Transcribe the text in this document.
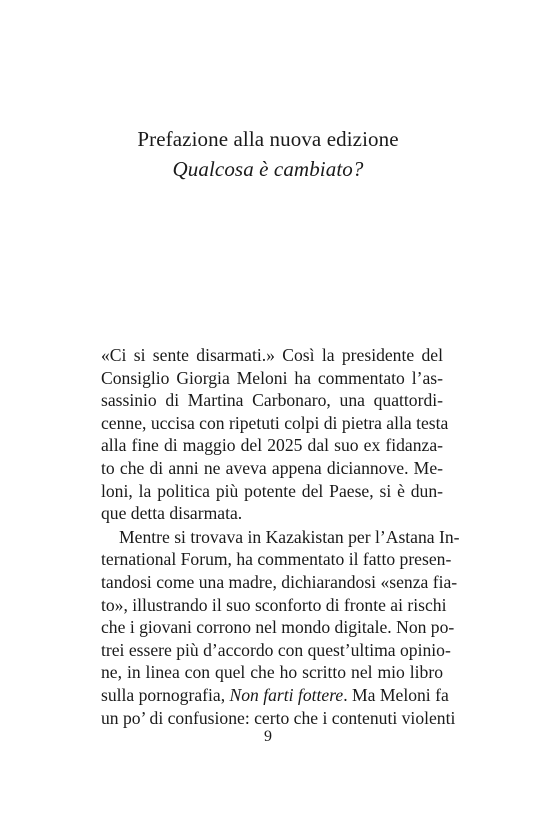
Prefazione alla nuova edizione
Qualcosa è cambiato?
«Ci si sente disarmati.» Così la presidente del
Consiglio Giorgia Meloni ha commentato l’as-
sassinio di Martina Carbonaro, una quattordi-
cenne, uccisa con ripetuti colpi di pietra alla testa
alla fine di maggio del 2025 dal suo ex fidanza-
to che di anni ne aveva appena diciannove. Me-
loni, la politica più potente del Paese, si è dun-
que detta disarmata.
Mentre si trovava in Kazakistan per l’Astana In-
ternational Forum, ha commentato il fatto presen-
tandosi come una madre, dichiarandosi «senza fia-
to», illustrando il suo sconforto di fronte ai rischi
che i giovani corrono nel mondo digitale. Non po-
trei essere più d’accordo con quest’ultima opinio-
ne, in linea con quel che ho scritto nel mio libro
sulla pornografia, Non farti fottere. Ma Meloni fa
un po’ di confusione: certo che i contenuti violenti
9
